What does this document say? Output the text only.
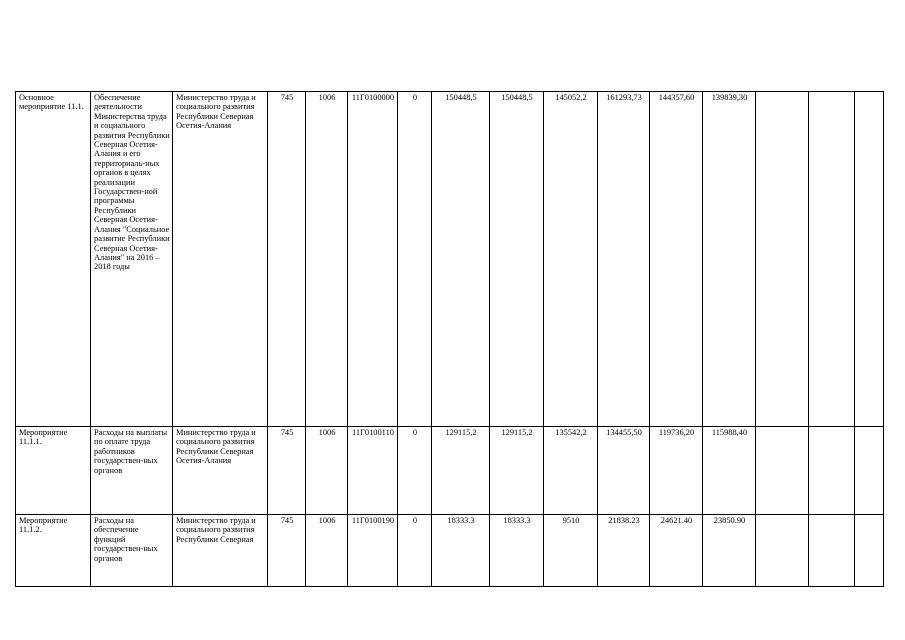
Основное мероприятие 11.1.	Обеспечение деятельности Министерства труда и социального развития Республики Северная Осетия-Алания и его территориаль-ных органов в целях реализации Государствен-ной программы Республики Северная Осетия-Алания "Социальное развитие Республики Северная Осетия-Алания" на 2016 – 2018 годы	Министерство труда и социального развития Республики Северная Осетия-Алания	745	1006	11Г0100000	0	150448,5	150448,5	145052,2	161293,73	144357,60	139839,30			
Мероприятие 11.1.1.	Расходы на выплаты по оплате труда работников государствен-ных органов	Министерство труда и социального развития Республики Северная Осетия-Алания	745	1006	11Г0100110	0	129115,2	129115,2	135542,2	134455,50	119736,20	115988,40			
Мероприятие 11.1.2.	Расходы на обеспечение функций государствен-ных органов	Министерство труда и социального развития Республики Северная	745	1006	11Г0100190	0	18333.3	18333.3	9510	21838.23	24621.40	23850.90			
